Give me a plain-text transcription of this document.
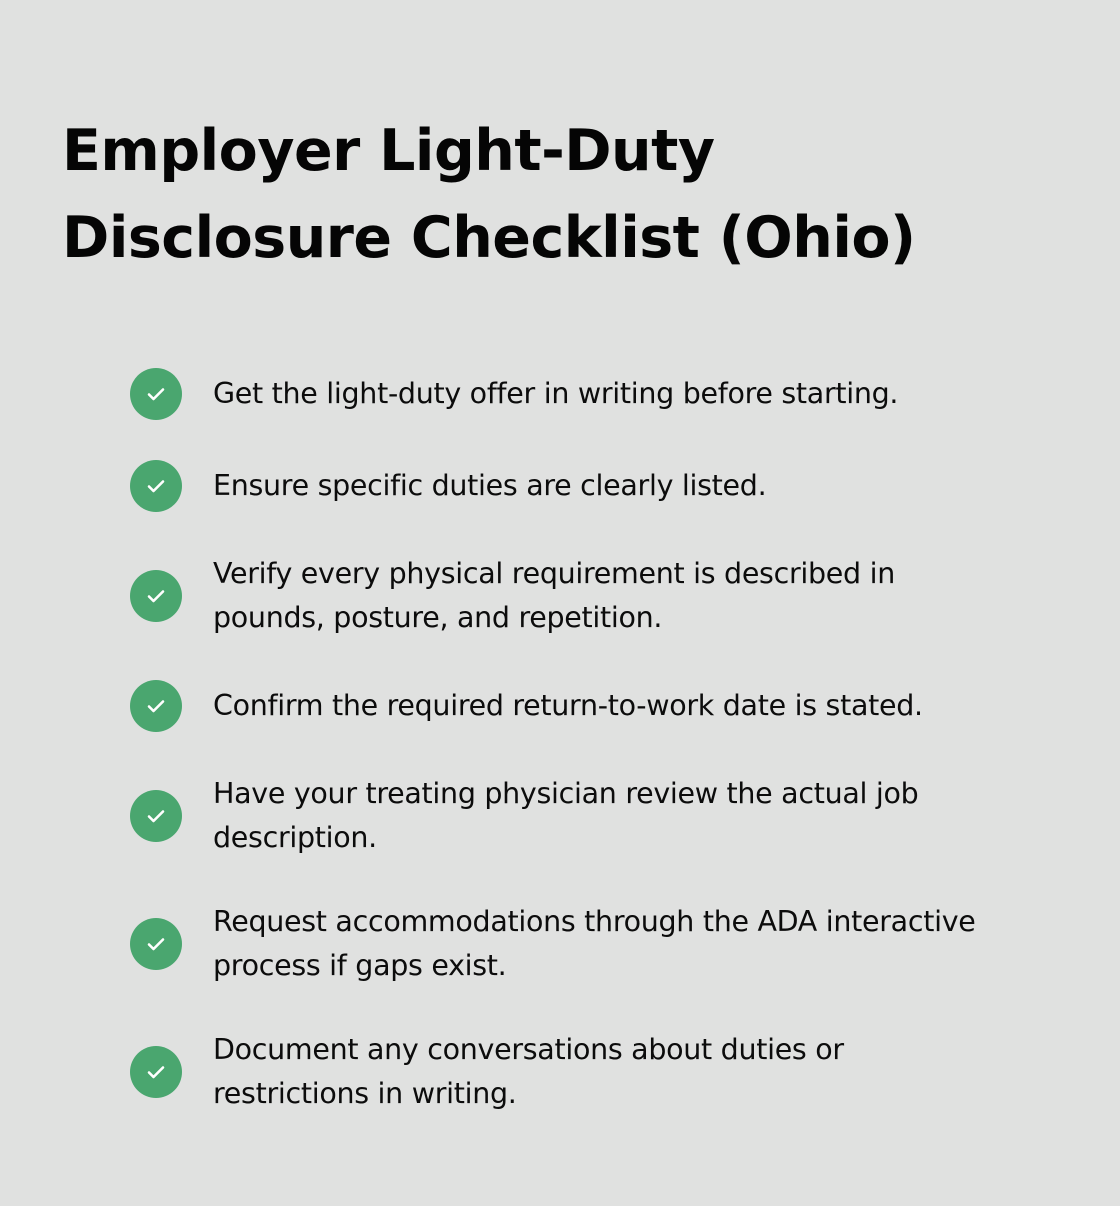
Employer Light-Duty
Disclosure Checklist (Ohio)
Get the light-duty offer in writing before starting.
Ensure specific duties are clearly listed.
Verify every physical requirement is described in
pounds, posture, and repetition.
Confirm the required return-to-work date is stated.
Have your treating physician review the actual job
description.
Request accommodations through the ADA interactive
process if gaps exist.
Document any conversations about duties or
restrictions in writing.
